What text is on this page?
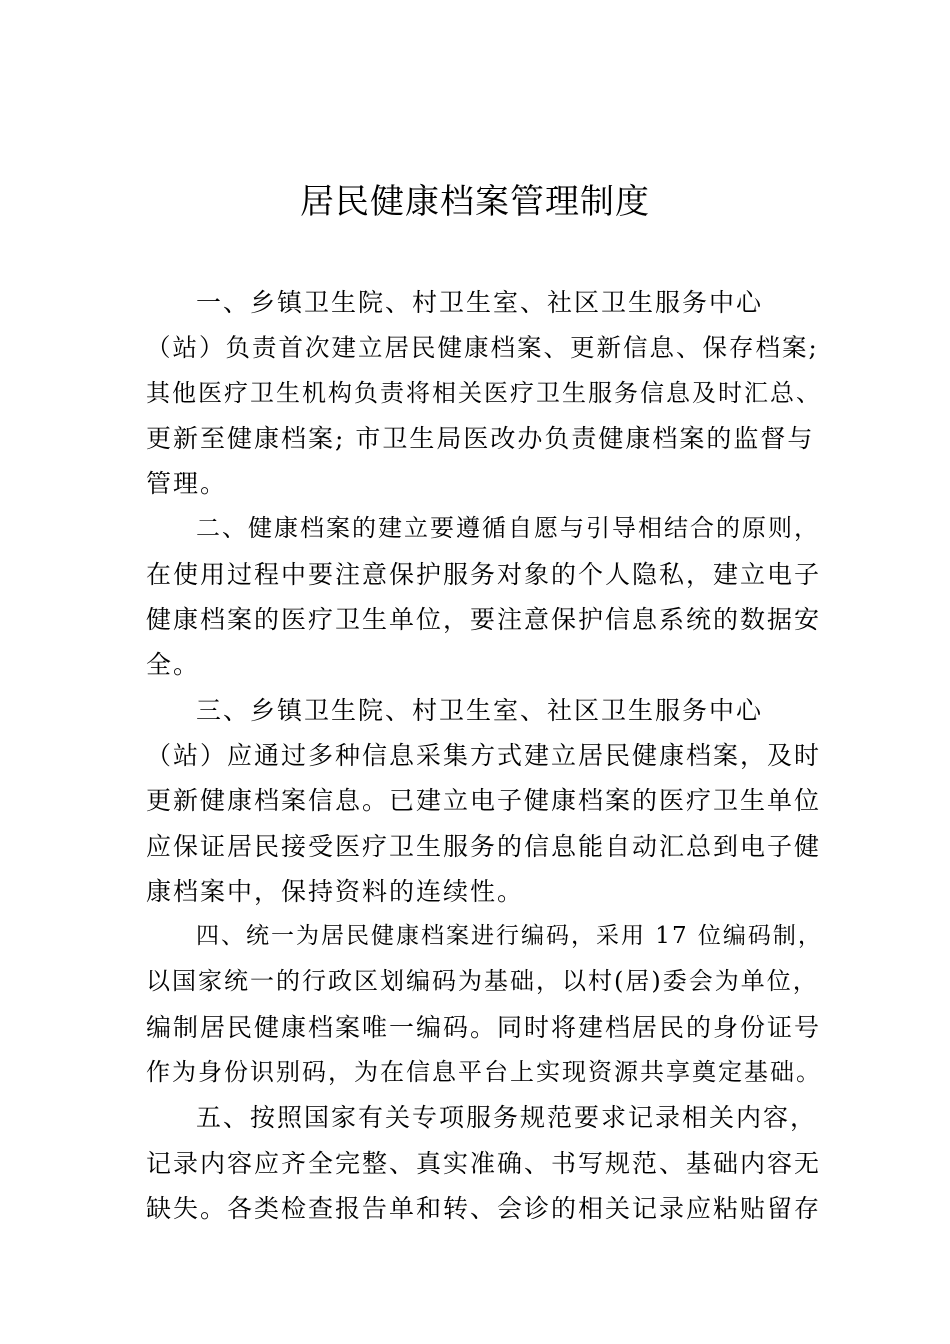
居民健康档案管理制度
一、乡镇卫生院、村卫生室、社区卫生服务中心
（站）负责首次建立居民健康档案、更新信息、保存档案;
其他医疗卫生机构负责将相关医疗卫生服务信息及时汇总、
更新至健康档案; 市卫生局医改办负责健康档案的监督与
管理。
二、健康档案的建立要遵循自愿与引导相结合的原则，
在使用过程中要注意保护服务对象的个人隐私，建立电子
健康档案的医疗卫生单位，要注意保护信息系统的数据安
全。
三、乡镇卫生院、村卫生室、社区卫生服务中心
（站）应通过多种信息采集方式建立居民健康档案，及时
更新健康档案信息。已建立电子健康档案的医疗卫生单位
应保证居民接受医疗卫生服务的信息能自动汇总到电子健
康档案中，保持资料的连续性。
四、统一为居民健康档案进行编码，采用 17 位编码制，
以国家统一的行政区划编码为基础，以村(居)委会为单位，
编制居民健康档案唯一编码。同时将建档居民的身份证号
作为身份识别码，为在信息平台上实现资源共享奠定基础。
五、按照国家有关专项服务规范要求记录相关内容，
记录内容应齐全完整、真实准确、书写规范、基础内容无
缺失。各类检查报告单和转、会诊的相关记录应粘贴留存
